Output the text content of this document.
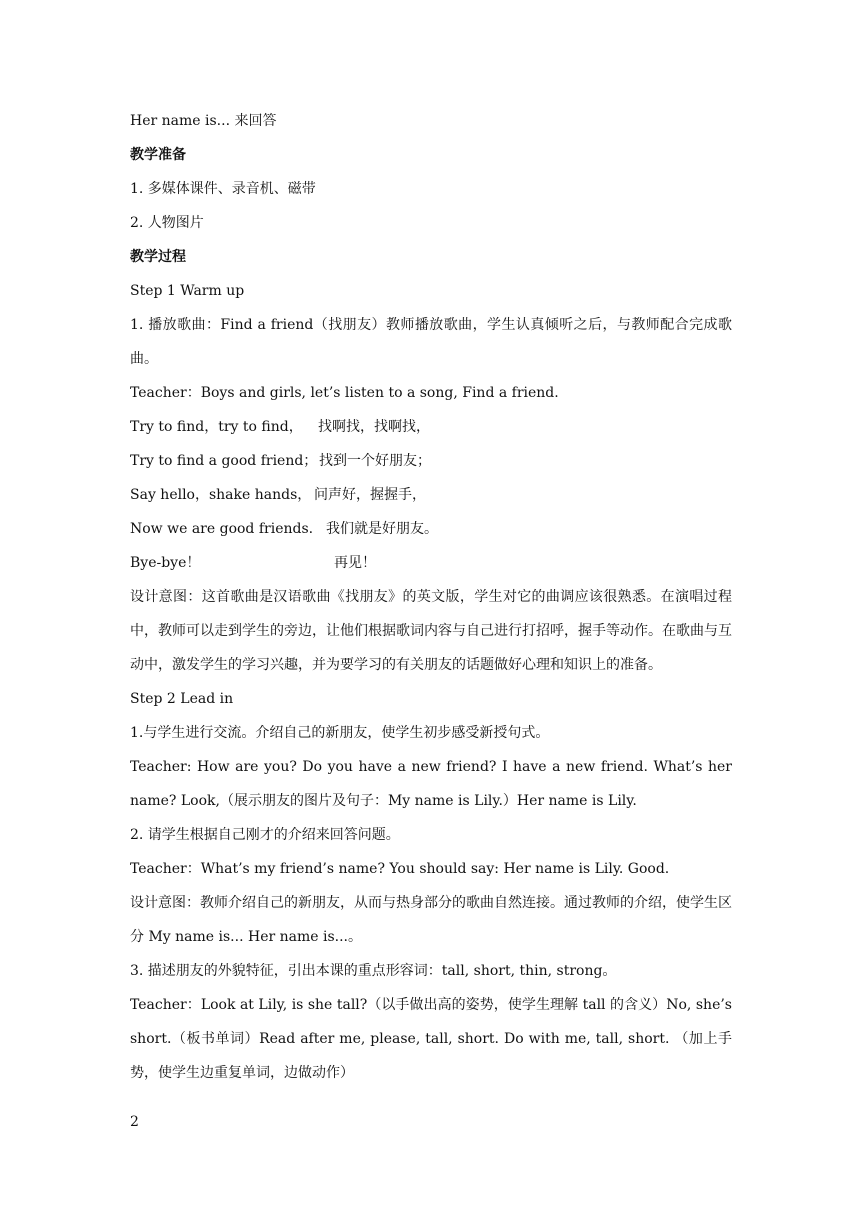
Her name is... 来回答
教学准备
1. 多媒体课件、录音机、磁带
2. 人物图片
教学过程
Step 1 Warm up
1. 播放歌曲：Find a friend（找朋友）教师播放歌曲，学生认真倾听之后，与教师配合完成歌曲。
Teacher：Boys and girls, let’s listen to a song, Find a friend.
Try to find，try to find，	找啊找，找啊找，
Try to find a good friend； 找到一个好朋友；
Say hello，shake hands， 问声好，握握手，
Now we are good friends. 我们就是好朋友。
Bye-bye！	再见！
设计意图：这首歌曲是汉语歌曲《找朋友》的英文版，学生对它的曲调应该很熟悉。在演唱过程中，教师可以走到学生的旁边，让他们根据歌词内容与自己进行打招呼，握手等动作。在歌曲与互动中，激发学生的学习兴趣，并为要学习的有关朋友的话题做好心理和知识上的准备。
Step 2 Lead in
1.与学生进行交流。介绍自己的新朋友，使学生初步感受新授句式。
Teacher: How are you? Do you have a new friend? I have a new friend. What’s her name? Look,（展示朋友的图片及句子：My name is Lily.）Her name is Lily.
2. 请学生根据自己刚才的介绍来回答问题。
Teacher：What’s my friend’s name? You should say: Her name is Lily. Good.
设计意图：教师介绍自己的新朋友，从而与热身部分的歌曲自然连接。通过教师的介绍，使学生区分 My name is... Her name is...。
3. 描述朋友的外貌特征，引出本课的重点形容词：tall, short, thin, strong。
Teacher：Look at Lily, is she tall?（以手做出高的姿势，使学生理解 tall 的含义）No, she’s short.（板书单词）Read after me, please, tall, short. Do with me, tall, short. （加上手势，使学生边重复单词，边做动作）
2
